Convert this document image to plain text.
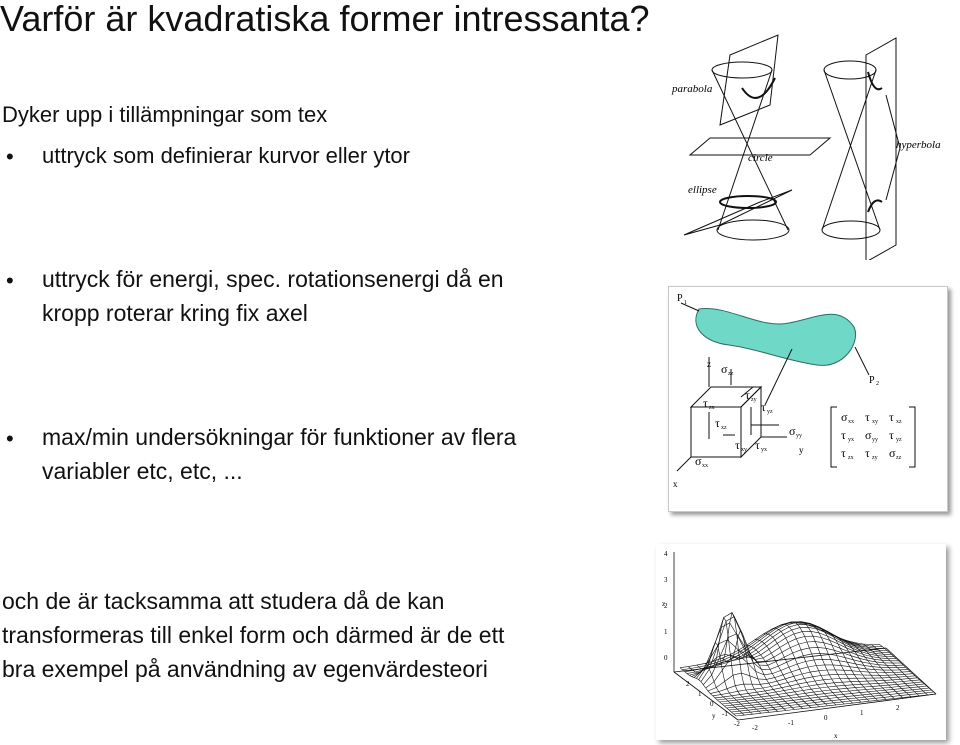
Varför är kvadratiska former intressanta?
Dyker upp i tillämpningar som tex
• uttryck som definierar kurvor eller ytor
• uttryck för energi, spec. rotationsenergi då en
kropp roterar kring fix axel
• max/min undersökningar för funktioner av flera
variabler etc, etc, ...
och de är tacksamma att studera då de kan
transformeras till enkel form och därmed är de ett
bra exempel på användning av egenvärdesteori
parabola
circle
ellipse
hyperbola
P 1
P 2
z
x
y
σ zz
τ zy
τ zx	τ yz
τ xz
τ xy τ yx
σ yy
σ xx
σ xx τ xy τ xz
τ yx σ yy τ yz
τ zx τ zy σ zz
4
3
2
1
0
z
2
1
0
-1
-2
y
-2
-1
0
1
2
x
